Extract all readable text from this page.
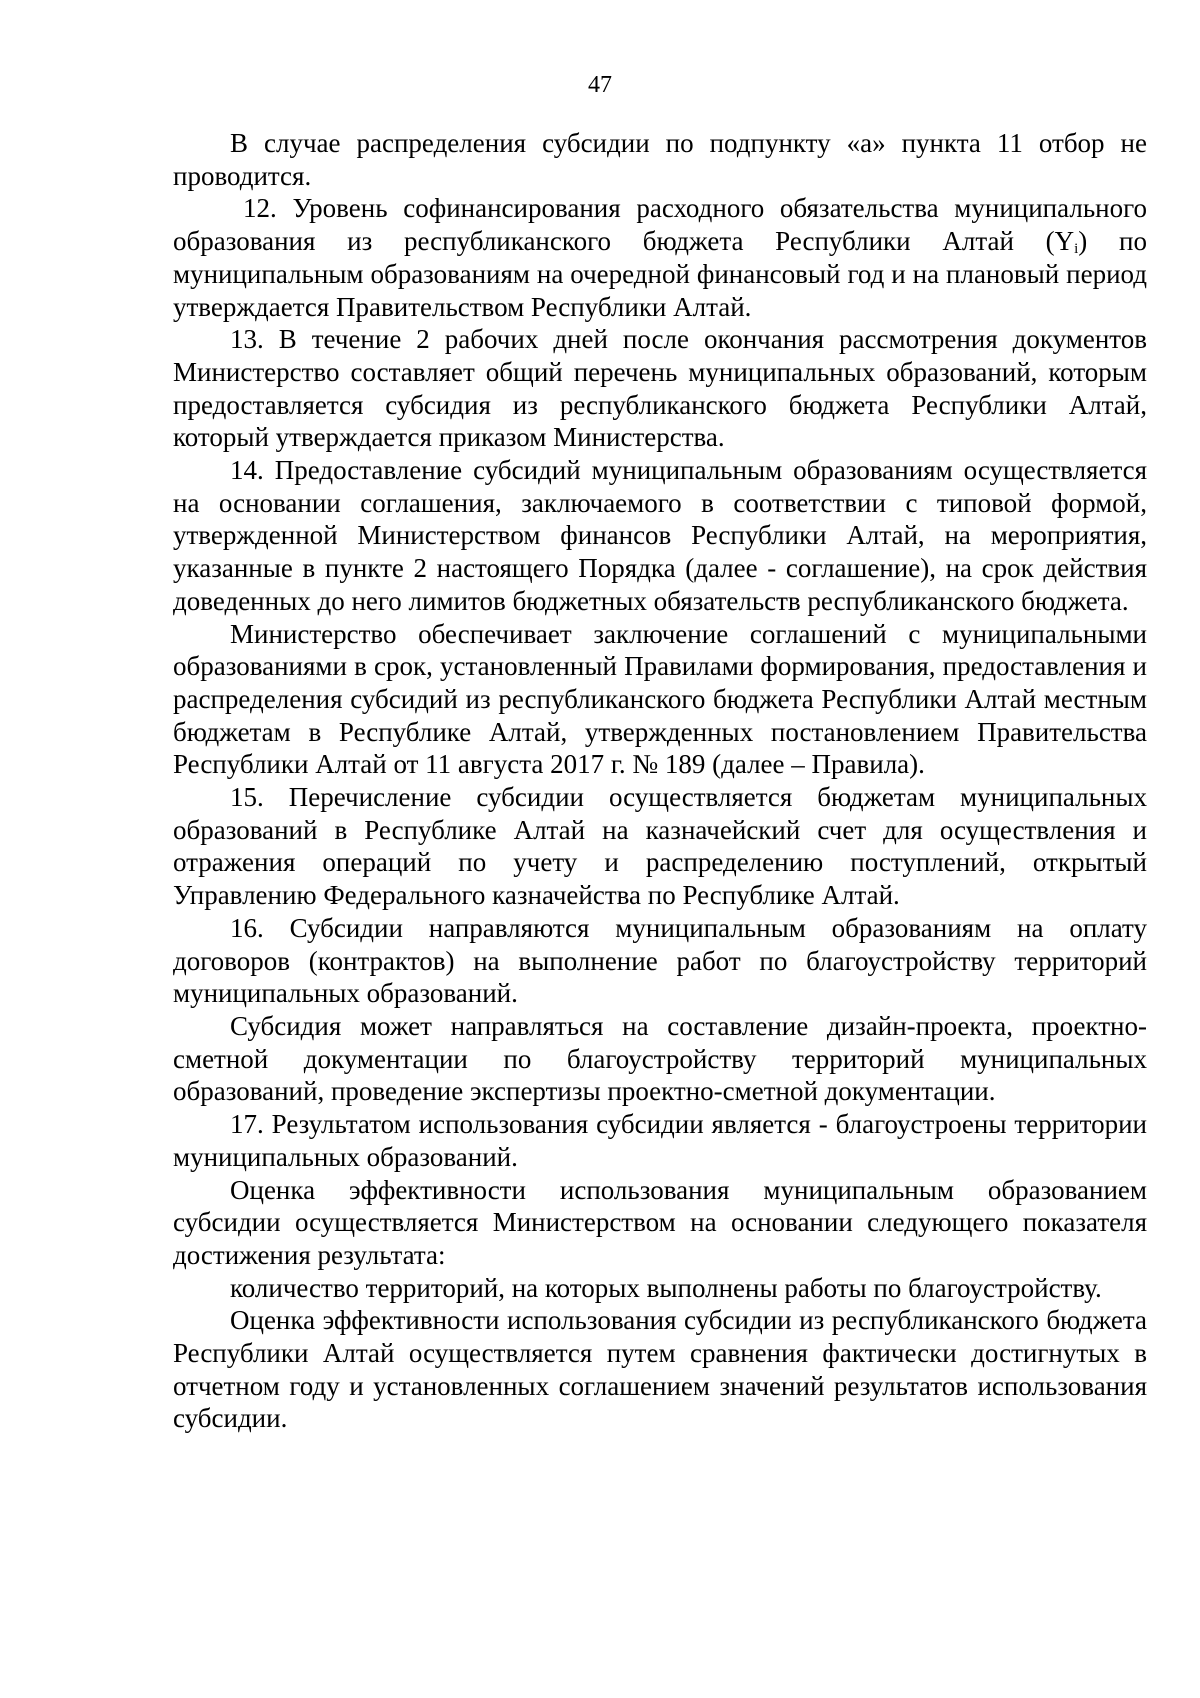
47

В случае распределения субсидии по подпункту «а» пункта 11 отбор не проводится.

12. Уровень софинансирования расходного обязательства муниципального образования из республиканского бюджета Республики Алтай $(Y_i)$ по муниципальным образованиям на очередной финансовый год и на плановый период утверждается Правительством Республики Алтай.

13. В течение 2 рабочих дней после окончания рассмотрения документов Министерство составляет общий перечень муниципальных образований, которым предоставляется субсидия из республиканского бюджета Республики Алтай, который утверждается приказом Министерства.

14. Предоставление субсидий муниципальным образованиям осуществляется на основании соглашения, заключаемого в соответствии с типовой формой, утвержденной Министерством финансов Республики Алтай, на мероприятия, указанные в пункте 2 настоящего Порядка (далее - соглашение), на срок действия доведенных до него лимитов бюджетных обязательств республиканского бюджета.

Министерство обеспечивает заключение соглашений с муниципальными образованиями в срок, установленный Правилами формирования, предоставления и распределения субсидий из республиканского бюджета Республики Алтай местным бюджетам в Республике Алтай, утвержденных постановлением Правительства Республики Алтай от 11 августа 2017 г. № 189 (далее – Правила).

15. Перечисление субсидии осуществляется бюджетам муниципальных образований в Республике Алтай на казначейский счет для осуществления и отражения операций по учету и распределению поступлений, открытый Управлению Федерального казначейства по Республике Алтай.

16. Субсидии направляются муниципальным образованиям на оплату договоров (контрактов) на выполнение работ по благоустройству территорий муниципальных образований.

Субсидия может направляться на составление дизайн-проекта, проектно-сметной документации по благоустройству территорий муниципальных образований, проведение экспертизы проектно-сметной документации.

17. Результатом использования субсидии является - благоустроены территории муниципальных образований.

Оценка эффективности использования муниципальным образованием субсидии осуществляется Министерством на основании следующего показателя достижения результата:

количество территорий, на которых выполнены работы по благоустройству.

Оценка эффективности использования субсидии из республиканского бюджета Республики Алтай осуществляется путем сравнения фактически достигнутых в отчетном году и установленных соглашением значений результатов использования субсидии.
